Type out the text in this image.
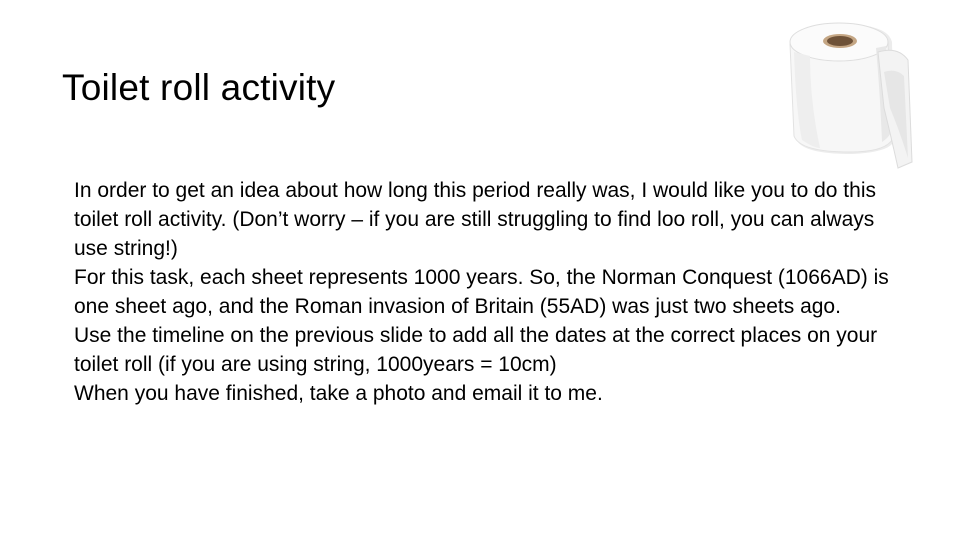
Toilet roll activity

In order to get an idea about how long this period really was, I would like you to do this toilet roll activity. (Don’t worry – if you are still struggling to find loo roll, you can always use string!)

For this task, each sheet represents 1000 years. So, the Norman Conquest (1066AD) is one sheet ago, and the Roman invasion of Britain (55AD) was just two sheets ago.

Use the timeline on the previous slide to add all the dates at the correct places on your toilet roll (if you are using string, 1000years = 10cm)

When you have finished, take a photo and email it to me.
